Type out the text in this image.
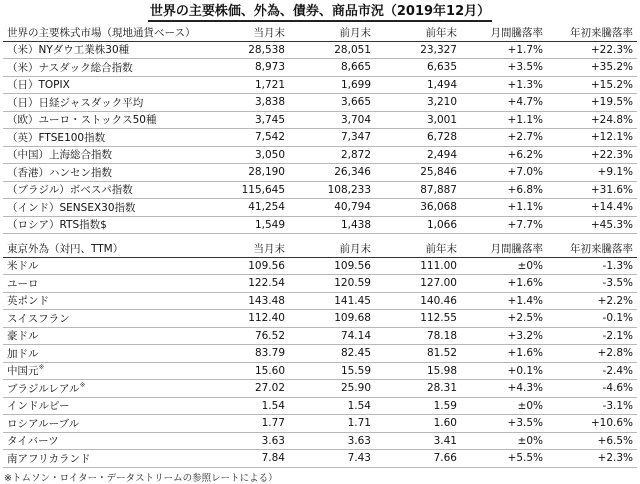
世界の主要株価、外為、債券、商品市況（2019年12月）
世界の主要株式市場（現地通貨ベース）	当月末	前月末	前年末	月間騰落率	年初来騰落率
（米）NYダウ工業株30種	28,538	28,051	23,327	+1.7%	+22.3%
（米）ナスダック総合指数	8,973	8,665	6,635	+3.5%	+35.2%
（日）TOPIX	1,721	1,699	1,494	+1.3%	+15.2%
（日）日経ジャスダック平均	3,838	3,665	3,210	+4.7%	+19.5%
（欧）ユーロ・ストックス50種	3,745	3,704	3,001	+1.1%	+24.8%
（英）FTSE100指数	7,542	7,347	6,728	+2.7%	+12.1%
（中国）上海総合指数	3,050	2,872	2,494	+6.2%	+22.3%
（香港）ハンセン指数	28,190	26,346	25,846	+7.0%	+9.1%
（ブラジル）ボベスパ指数	115,645	108,233	87,887	+6.8%	+31.6%
（インド）SENSEX30指数	41,254	40,794	36,068	+1.1%	+14.4%
（ロシア）RTS指数$	1,549	1,438	1,066	+7.7%	+45.3%

東京外為（対円、TTM）	当月末	前月末	前年末	月間騰落率	年初来騰落率
米ドル	109.56	109.56	111.00	±0%	-1.3%
ユーロ	122.54	120.59	127.00	+1.6%	-3.5%
英ポンド	143.48	141.45	140.46	+1.4%	+2.2%
スイスフラン	112.40	109.68	112.55	+2.5%	-0.1%
豪ドル	76.52	74.14	78.18	+3.2%	-2.1%
加ドル	83.79	82.45	81.52	+1.6%	+2.8%
中国元※	15.60	15.59	15.98	+0.1%	-2.4%
ブラジルレアル※	27.02	25.90	28.31	+4.3%	-4.6%
インドルピー	1.54	1.54	1.59	±0%	-3.1%
ロシアルーブル	1.77	1.71	1.60	+3.5%	+10.6%
タイバーツ	3.63	3.63	3.41	±0%	+6.5%
南アフリカランド	7.84	7.43	7.66	+5.5%	+2.3%
※トムソン・ロイター・データストリームの参照レートによる）
